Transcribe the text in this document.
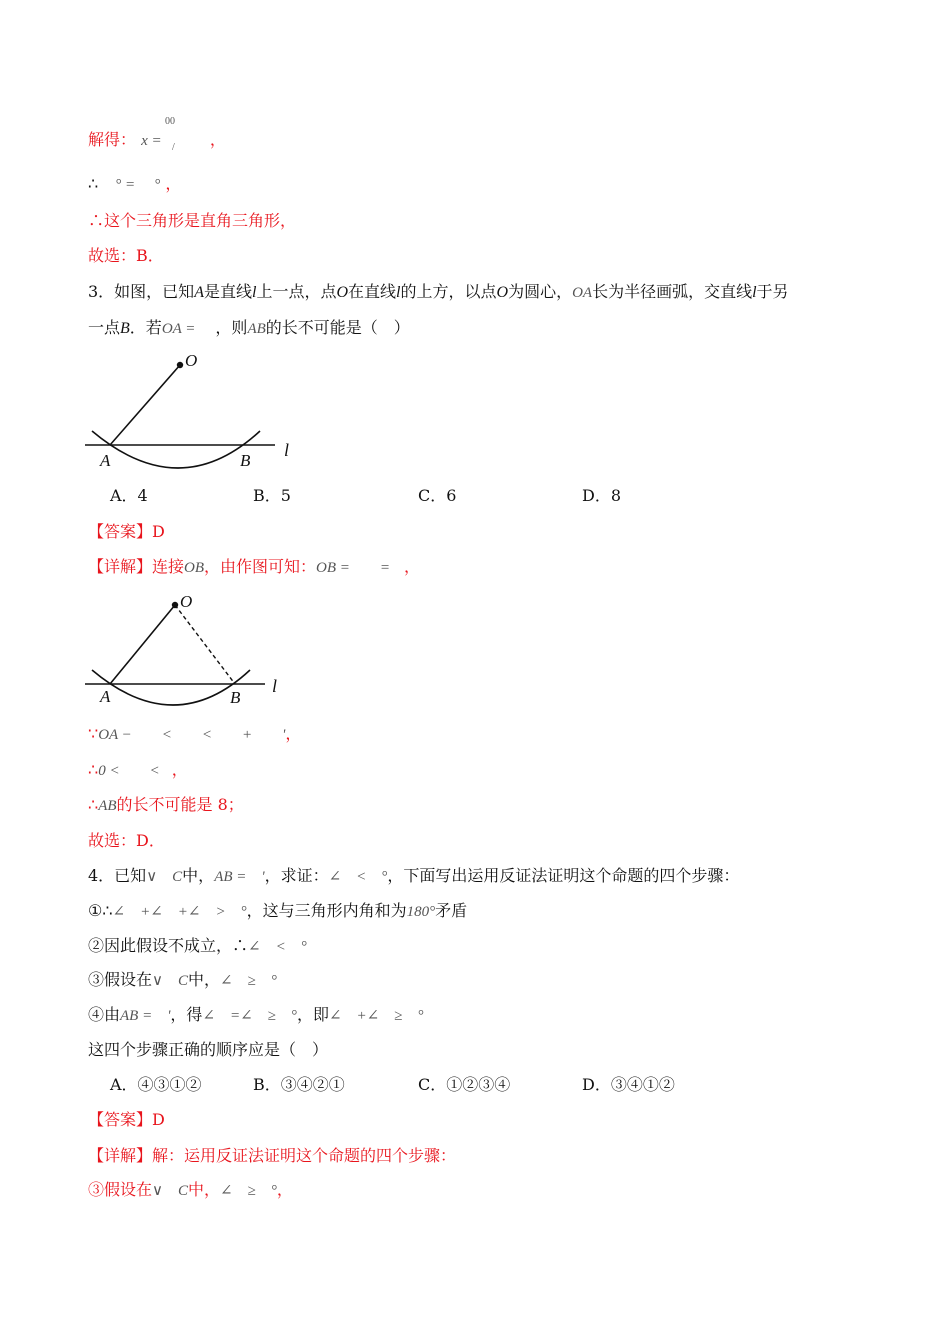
解得： x =	，
00
/
∴ ° = ° ，
∴这个三角形是直角三角形，
故选：B．
3．如图，已知A是直线l上一点，点O在直线l的上方，以点O为圆心，OA长为半径画弧，交直线l于另
一点B．若OA = ，则AB的长不可能是（　）
O
A	B
l
A．4	B．5	C．6	D．8
【答案】D
【详解】连接OB，由作图可知：OB =　　= ，
O
A	B
l
∵OA −　　<　　<　　+　　'，
∴0 <　　< ，
∴AB的长不可能是 8；
故选：D．
4．已知∨　C中，AB =　'，求证：∠　<　°，下面写出运用反证法证明这个命题的四个步骤：
①∴∠　+∠　+∠　>　°，这与三角形内角和为180°矛盾
②因此假设不成立，∴∠　<　°
③假设在∨　C中，∠　≥　°
④由AB =　'，得∠　=∠　≥　°，即∠　+∠　≥　°
这四个步骤正确的顺序应是（　）
A．④③①②	B．③④②①	C．①②③④	D．③④①②
【答案】D
【详解】解：运用反证法证明这个命题的四个步骤：
③假设在∨　C中，∠　≥　°，
